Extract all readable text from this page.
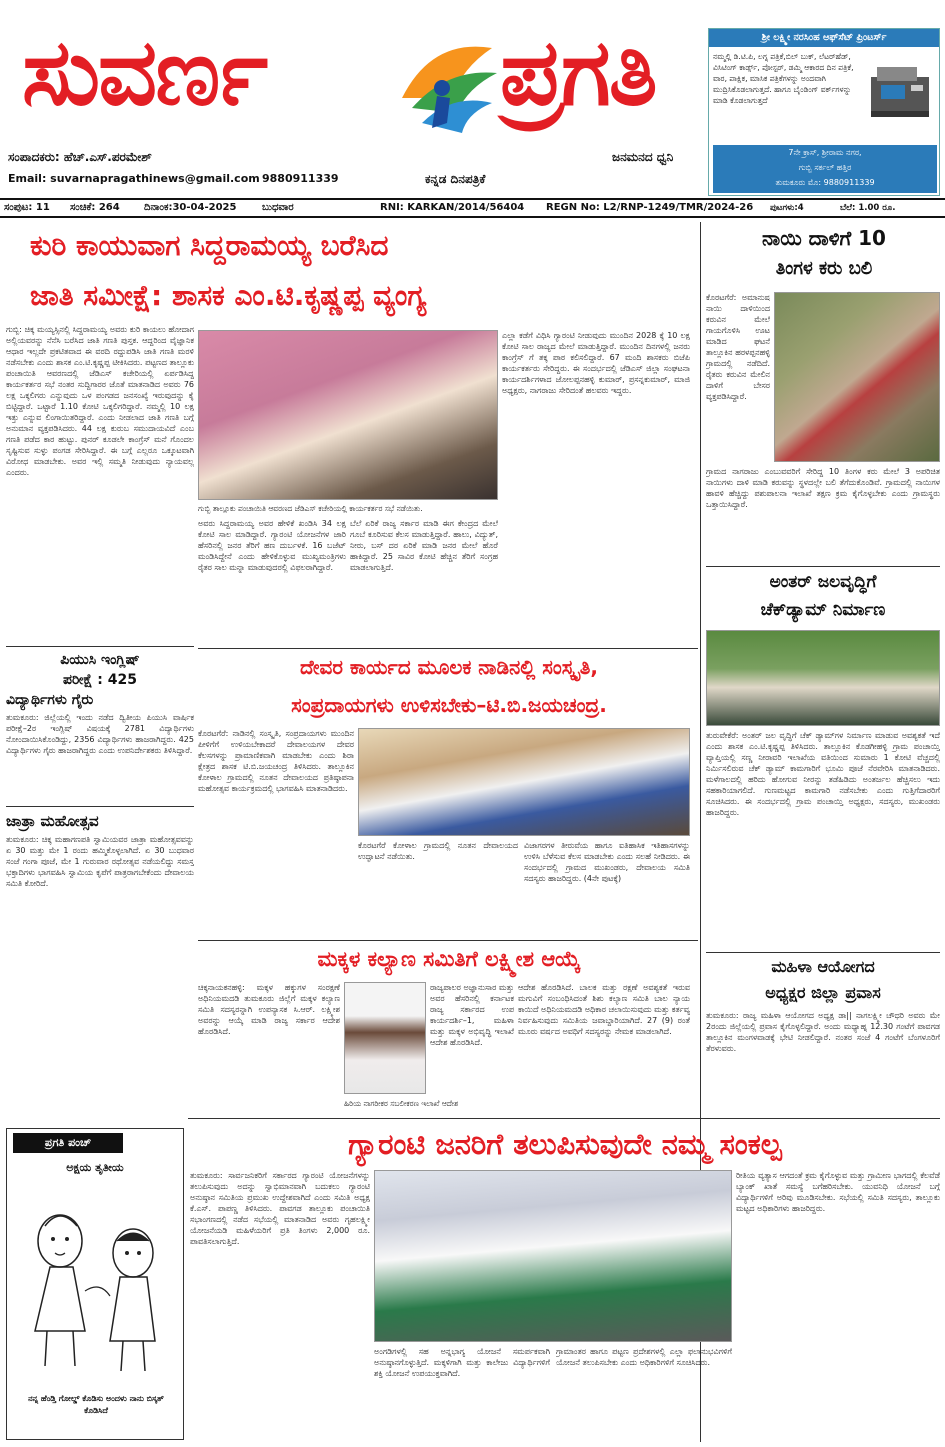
ಸುವರ್ಣ	ಪ್ರಗತಿ
ಸಂಪಾದಕರು: ಹೆಚ್.ಎಸ್.ಪರಮೇಶ್	ಜನಮನದ ಧ್ವನಿ
Email: suvarnapragathinews@gmail.com 9880911339	ಕನ್ನಡ ದಿನಪತ್ರಿಕೆ
ಶ್ರೀ ಲಕ್ಷ್ಮೀ ನರಸಿಂಹ ಆಫ್‌ಸೆಟ್ ಪ್ರಿಂಟರ್ಸ್
ನಮ್ಮಲ್ಲಿ ಡಿ.ಟಿ.ಪಿ, ಲಗ್ನ ಪತ್ರಿಕೆ,ಬಿಲ್ ಬುಕ್, ಲೆಟರ್‌ಹೆಡ್, ವಿಸಿಟಿಂಗ್ ಕಾರ್ಡ್ಸ್, ಪೋಸ್ಟರ್, ಡಮ್ಮಿ ಆಕಾರದ ದಿನ ಪತ್ರಿಕೆ, ವಾರ, ಪಾಕ್ಷಿಕ, ಮಾಸಿಕ ಪತ್ರಿಕೆಗಳನ್ನು ಅಂದವಾಗಿ ಮುದ್ರಿಸಿಕೊಡಲಾಗುತ್ತದೆ. ಹಾಗೂ ಬೈಂಡಿಂಗ್ ವರ್ಕ್‌ಗಳನ್ನು ಮಾಡಿ ಕೊಡಲಾಗುತ್ತದೆ
7ನೇ ಕ್ರಾಸ್, ಶ್ರೀರಾಮ ನಗರ,
ಗುಬ್ಬಿ ಸರ್ಕಲ್ ಹತ್ತಿರ
ತುಮಕೂರು ಮೊ: 9880911339
ಸಂಪುಟ: 11 ಸಂಚಿಕೆ: 264 ದಿನಾಂಕ:30-04-2025	ಬುಧವಾರ	RNI: KARKAN/2014/56404 REGN No: L2/RNP-1249/TMR/2024-26 ಪುಟಗಳು:4	ಬೆಲೆ: 1.00 ರೂ.
ಕುರಿ ಕಾಯುವಾಗ ಸಿದ್ದರಾಮಯ್ಯ ಬರೆಸಿದ
ಜಾತಿ ಸಮೀಕ್ಷೆ: ಶಾಸಕ ಎಂ.ಟಿ.ಕೃಷ್ಣಪ್ಪ ವ್ಯಂಗ್ಯ
ಗುಬ್ಬಿ: ಚಿಕ್ಕ ಮಯ್ಯಸ್ಸಿನಲ್ಲಿ ಸಿದ್ದರಾಮಯ್ಯ ಅವರು ಕುರಿ ಕಾಯಲು ಹೋದಾಗ ಅಲ್ಲಿಯವರನ್ನು ನೆನೆಸಿ ಬರೆಸಿದ ಜಾತಿ ಗಣತಿ ಪುಸ್ತಕ. ಆದ್ದರಿಂದ ವೈಜ್ಞಾನಿಕ ಆಧಾರ ಇಲ್ಲದೇ ಪ್ರಕಟಿತವಾದ ಈ ವರದಿ ರದ್ದುಪಡಿಸಿ ಜಾತಿ ಗಣತಿ ಮರಳಿ ನಡೆಸಬೇಕು ಎಂದು ಶಾಸಕ ಎಂ.ಟಿ.ಕೃಷ್ಣಪ್ಪ ಟೀಕಿಸಿದರು. ಪಟ್ಟಣದ ತಾಲ್ಲೂಕು ಪಂಚಾಯಿತಿ ಆವರಣದಲ್ಲಿ ಜೆಡಿಎಸ್ ಕಚೇರಿಯಲ್ಲಿ ಏರ್ಪಡಿಸಿದ್ದ ಕಾರ್ಯಕರ್ತರ ಸಭೆ ನಂತರ ಸುದ್ದಿಗಾರರ ಜೊತೆ ಮಾತನಾಡಿದ ಅವರು 76 ಲಕ್ಷ ಒಕ್ಕಲಿಗರು ಎನ್ನುವುದು ಒಳ ಪಂಗಡದ ಜನಸಂಖ್ಯೆ ಇರುವುದನ್ನು ಕೈ ಬಿಟ್ಟಿದ್ದಾರೆ. ಒಟ್ಟಾರೆ 1.10 ಕೋಟಿ ಒಕ್ಕಲಿಗರಿದ್ದಾರೆ. ನಮ್ಮಲ್ಲಿ 10 ಲಕ್ಷ ಇತ್ತು ಎನ್ನುವ ಲಿಂಗಾಯಿತರಿದ್ದಾರೆ. ಎಂದು ನೀಡಲಾದ ಜಾತಿ ಗಣತಿ ಬಗ್ಗೆ ಅನುಮಾನ ವ್ಯಕ್ತಪಡಿಸಿದರು. 44 ಲಕ್ಷ ಕುರುಬ ಸಮುದಾಯವಿದೆ ಎಂಬ ಗಣತಿ ಪಡೆದ ಕಾರ ಹುಟ್ಟು. ಪುನರ್ ಕೂಡಲೇ ಕಾಂಗ್ರೆಸ್ ಮನೆ ಗೊಂದಲ ಸೃಷ್ಟಿಸುವ ಸುಳ್ಳು ಪಂಗಡ ಸೇರಿಸಿದ್ದಾರೆ. ಈ ಬಗ್ಗೆ ಎಲ್ಲರೂ ಒಕ್ಕೂಟವಾಗಿ ವಿರೋಧ ಮಾಡಬೇಕು. ಅವರ ಇಲ್ಲಿ ಸಮ್ಮತಿ ನೀಡುವುದು ನ್ಯಾಯವಲ್ಲ ಎಂದರು.
ಗುಬ್ಬಿ ತಾಲ್ಲೂಕು ಪಂಚಾಯಿತಿ ಆವರಣದ ಜೆಡಿಎಸ್ ಕಚೇರಿಯಲ್ಲಿ ಕಾರ್ಯಕರ್ತರ ಸಭೆ ನಡೆಯಿತು.
ಅವರು ಸಿದ್ದರಾಮಯ್ಯ ಅವರ ಹೇಳಿಕೆ ಖಂಡಿಸಿ 34 ಲಕ್ಷ ಕೋಟಿ ಸಾಲ ಮಾಡಿದ್ದಾರೆ. ಗ್ಯಾರಂಟಿ ಯೋಜನೆಗಳ ಜಾರಿ ಹೆಸರಿನಲ್ಲಿ ಜನರ ತೆರಿಗೆ ಹಣ ದುರ್ಬಳಕೆ. 16 ಬಜೆಟ್ ಮಂಡಿಸಿದ್ದೇನೆ ಎಂದು ಹೇಳಿಕೊಳ್ಳುವ ಮುಖ್ಯಮಂತ್ರಿಗಳು ರೈತರ ಸಾಲ ಮನ್ನಾ ಮಾಡುವುದರಲ್ಲಿ ವಿಫಲರಾಗಿದ್ದಾರೆ.
ಬೆಲೆ ಏರಿಕೆ ರಾಜ್ಯ ಸರ್ಕಾರ ಮಾಡಿ ಈಗ ಕೇಂದ್ರದ ಮೇಲೆ ಗೂಬೆ ಕೂರಿಸುವ ಕೆಲಸ ಮಾಡುತ್ತಿದ್ದಾರೆ. ಹಾಲು, ವಿದ್ಯುತ್, ನೀರು, ಬಸ್ ದರ ಏರಿಕೆ ಮಾಡಿ ಜನರ ಮೇಲೆ ಹೊರೆ ಹಾಕಿದ್ದಾರೆ. 25 ಸಾವಿರ ಕೋಟಿ ಹೆಚ್ಚಿನ ತೆರಿಗೆ ಸಂಗ್ರಹ ಮಾಡಲಾಗುತ್ತಿದೆ.
ಎಲ್ಲಾ ಕಡೆಗೆ ವಿಧಿಸಿ ಗ್ಯಾರಂಟಿ ನೀಡುವುದು ಮುಂದಿನ 2028 ಕ್ಕೆ 10 ಲಕ್ಷ ಕೋಟಿ ಸಾಲ ರಾಜ್ಯದ ಮೇಲೆ ಮಾಡುತ್ತಿದ್ದಾರೆ. ಮುಂದಿನ ದಿನಗಳಲ್ಲಿ ಜನರು ಕಾಂಗ್ರೆಸ್ ಗೆ ತಕ್ಕ ಪಾಠ ಕಲಿಸಲಿದ್ದಾರೆ. 67 ಮಂದಿ ಶಾಸಕರು ಬಿಜೆಪಿ ಕಾರ್ಯಕರ್ತರು ಸೇರಿದ್ದರು. ಈ ಸಂದರ್ಭದಲ್ಲಿ ಜೆಡಿಎಸ್ ಜಿಲ್ಲಾ ಸಂಘಟನಾ ಕಾರ್ಯದರ್ಶಿಗಳಾದ ಜೋಲಪ್ಪನಹಳ್ಳಿ ಕುಮಾರ್, ಪ್ರಸನ್ನಕುಮಾರ್, ಮಾಜಿ ಅಧ್ಯಕ್ಷರು, ನಾಗರಾಜು ಸೇರಿದಂತೆ ಹಲವರು ಇದ್ದರು.
ನಾಯಿ ದಾಳಿಗೆ 10
ತಿಂಗಳ ಕರು ಬಲಿ
ಕೊರಟಗೆರೆ: ಅಮಾನುಷ ನಾಯಿ ದಾಳಿಯಿಂದ ಕರುವಿನ ಮೇಲೆ ಗಾಯಗೊಳಿಸಿ ಊಟ ಮಾಡಿದ ಘಟನೆ ತಾಲ್ಲೂಕಿನ ಹರಳಪ್ಪನಹಳ್ಳಿ ಗ್ರಾಮದಲ್ಲಿ ನಡೆದಿದೆ. ರೈತರು ಕರುವಿನ ಮೇಲಿನ ದಾಳಿಗೆ ಬೇಸರ ವ್ಯಕ್ತಪಡಿಸಿದ್ದಾರೆ.
ಗ್ರಾಮದ ನಾಗರಾಜು ಎಂಬುವವರಿಗೆ ಸೇರಿದ್ದ 10 ತಿಂಗಳ ಕರು ಮೇಲೆ 3 ಅಪರಿಚಿತ ನಾಯಿಗಳು ದಾಳಿ ಮಾಡಿ ಕರುವನ್ನು ಸ್ಥಳದಲ್ಲೇ ಬಲಿ ತೆಗೆದುಕೊಂಡಿವೆ. ಗ್ರಾಮದಲ್ಲಿ ನಾಯಿಗಳ ಹಾವಳಿ ಹೆಚ್ಚಿದ್ದು ಪಶುಪಾಲನಾ ಇಲಾಖೆ ತಕ್ಷಣ ಕ್ರಮ ಕೈಗೊಳ್ಳಬೇಕು ಎಂದು ಗ್ರಾಮಸ್ಥರು ಒತ್ತಾಯಿಸಿದ್ದಾರೆ.
ಅಂತರ್ ಜಲವೃದ್ಧಿಗೆ
ಚೆಕ್‌ಡ್ಯಾಮ್ ನಿರ್ಮಾಣ
ತುರುವೇಕೆರೆ: ಅಂತರ್ ಜಲ ವೃದ್ಧಿಗೆ ಚೆಕ್ ಡ್ಯಾಮ್‌ಗಳ ನಿರ್ಮಾಣ ಮಾಡುವ ಅವಶ್ಯಕತೆ ಇದೆ ಎಂದು ಶಾಸಕ ಎಂ.ಟಿ.ಕೃಷ್ಣಪ್ಪ ತಿಳಿಸಿದರು. ತಾಲ್ಲೂಕಿನ ಕೊಡಗೀಹಳ್ಳಿ ಗ್ರಾಮ ಪಂಚಾಯ್ತಿ ವ್ಯಾಪ್ತಿಯಲ್ಲಿ ಸಣ್ಣ ನೀರಾವರಿ ಇಲಾಖೆಯ ವತಿಯಿಂದ ಸುಮಾರು 1 ಕೋಟಿ ವೆಚ್ಚದಲ್ಲಿ ನಿರ್ಮಿಸಲಿರುವ ಚೆಕ್ ಡ್ಯಾಮ್ ಕಾಮಗಾರಿಗೆ ಭೂಮಿ ಪೂಜೆ ನೆರವೇರಿಸಿ ಮಾತನಾಡಿದರು. ಮಳೆಗಾಲದಲ್ಲಿ ಹರಿದು ಹೋಗುವ ನೀರನ್ನು ತಡೆಹಿಡಿದು ಅಂತರ್ಜಲ ಹೆಚ್ಚಿಸಲು ಇದು ಸಹಕಾರಿಯಾಗಲಿದೆ. ಗುಣಮಟ್ಟದ ಕಾಮಗಾರಿ ನಡೆಸಬೇಕು ಎಂದು ಗುತ್ತಿಗೆದಾರರಿಗೆ ಸೂಚಿಸಿದರು. ಈ ಸಂದರ್ಭದಲ್ಲಿ ಗ್ರಾಮ ಪಂಚಾಯ್ತಿ ಅಧ್ಯಕ್ಷರು, ಸದಸ್ಯರು, ಮುಖಂಡರು ಹಾಜರಿದ್ದರು.
ಮಹಿಳಾ ಆಯೋಗದ
ಅಧ್ಯಕ್ಷರ ಜಿಲ್ಲಾ ಪ್ರವಾಸ
ತುಮಕೂರು: ರಾಜ್ಯ ಮಹಿಳಾ ಆಯೋಗದ ಅಧ್ಯಕ್ಷ ಡಾ|| ನಾಗಲಕ್ಷ್ಮೀ ಚೌಧರಿ ಅವರು ಮೇ 2ರಂದು ಜಿಲ್ಲೆಯಲ್ಲಿ ಪ್ರವಾಸ ಕೈಗೊಳ್ಳಲಿದ್ದಾರೆ. ಅಂದು ಮಧ್ಯಾಹ್ನ 12.30 ಗಂಟೆಗೆ ಪಾವಗಡ ತಾಲ್ಲೂಕಿನ ಮಂಗಳವಾಡಕ್ಕೆ ಭೇಟಿ ನೀಡಲಿದ್ದಾರೆ. ನಂತರ ಸಂಜೆ 4 ಗಂಟೆಗೆ ಬೆಂಗಳೂರಿಗೆ ತೆರಳುವರು.
ಪಿಯುಸಿ ಇಂಗ್ಲಿಷ್
ಪರೀಕ್ಷೆ : 425
ವಿದ್ಯಾರ್ಥಿಗಳು ಗೈರು
ತುಮಕೂರು: ಜಿಲ್ಲೆಯಲ್ಲಿ ಇಂದು ನಡೆದ ದ್ವಿತೀಯ ಪಿಯುಸಿ ವಾರ್ಷಿಕ ಪರೀಕ್ಷೆ–2ರ ಇಂಗ್ಲಿಷ್ ವಿಷಯಕ್ಕೆ 2781 ವಿದ್ಯಾರ್ಥಿಗಳು ನೋಂದಾಯಿಸಿಕೊಂಡಿದ್ದು, 2356 ವಿದ್ಯಾರ್ಥಿಗಳು ಹಾಜರಾಗಿದ್ದರು. 425 ವಿದ್ಯಾರ್ಥಿಗಳು ಗೈರು ಹಾಜರಾಗಿದ್ದರು ಎಂದು ಉಪನಿರ್ದೇಶಕರು ತಿಳಿಸಿದ್ದಾರೆ.
ಜಾತ್ರಾ ಮಹೋತ್ಸವ
ತುಮಕೂರು: ಚಿಕ್ಕ ಮಹಾಗಣಪತಿ ಸ್ವಾಮಿಯವರ ಜಾತ್ರಾ ಮಹೋತ್ಸವವನ್ನು ಏ 30 ಮತ್ತು ಮೇ 1 ರಂದು ಹಮ್ಮಿಕೊಳ್ಳಲಾಗಿದೆ. ಏ 30 ಬುಧವಾರ ಸಂಜೆ ಗಂಗಾ ಪೂಜೆ, ಮೇ 1 ಗುರುವಾರ ರಥೋತ್ಸವ ನಡೆಯಲಿದ್ದು ಸಮಸ್ತ ಭಕ್ತಾದಿಗಳು ಭಾಗವಹಿಸಿ ಸ್ವಾಮಿಯ ಕೃಪೆಗೆ ಪಾತ್ರರಾಗಬೇಕೆಂದು ದೇವಾಲಯ ಸಮಿತಿ ಕೋರಿದೆ.
ದೇವರ ಕಾರ್ಯದ ಮೂಲಕ ನಾಡಿನಲ್ಲಿ ಸಂಸ್ಕೃತಿ,
ಸಂಪ್ರದಾಯಗಳು ಉಳಿಸಬೇಕು–ಟಿ.ಬಿ.ಜಯಚಂದ್ರ.
ಕೊರಟಗೆರೆ: ನಾಡಿನಲ್ಲಿ ಸಂಸ್ಕೃತಿ, ಸಂಪ್ರದಾಯಗಳು ಮುಂದಿನ ಪೀಳಿಗೆಗೆ ಉಳಿಯಬೇಕಾದರೆ ದೇವಾಲಯಗಳ ದೇವರ ಕೆಲಸಗಳನ್ನು ಪ್ರಾಮಾಣಿಕವಾಗಿ ಮಾಡಬೇಕು ಎಂದು ಶಿರಾ ಕ್ಷೇತ್ರದ ಶಾಸಕ ಟಿ.ಬಿ.ಜಯಚಂದ್ರ ತಿಳಿಸಿದರು. ತಾಲ್ಲೂಕಿನ ಕೋಳಾಲ ಗ್ರಾಮದಲ್ಲಿ ನೂತನ ದೇವಾಲಯದ ಪ್ರತಿಷ್ಠಾಪನಾ ಮಹೋತ್ಸವ ಕಾರ್ಯಕ್ರಮದಲ್ಲಿ ಭಾಗವಹಿಸಿ ಮಾತನಾಡಿದರು.
ಕೊರಟಗೆರೆ ಕೋಳಾಲ ಗ್ರಾಮದಲ್ಲಿ ನೂತನ ದೇವಾಲಯದ ಉದ್ಘಾಟನೆ ನಡೆಯಿತು.
ವಿಜಾಗರಗಳ ತೀರುವೆಯ ಹಾಗೂ ಐತಿಹಾಸಿಕ ಇತಿಹಾಸಗಳನ್ನು ಉಳಿಸಿ ಬೆಳೆಸುವ ಕೆಲಸ ಮಾಡಬೇಕು ಎಂದು ಸಲಹೆ ನೀಡಿದರು. ಈ ಸಂದರ್ಭದಲ್ಲಿ ಗ್ರಾಮದ ಮುಖಂಡರು, ದೇವಾಲಯ ಸಮಿತಿ ಸದಸ್ಯರು ಹಾಜರಿದ್ದರು. (4ನೇ ಪುಟಕ್ಕೆ)
ಮಕ್ಕಳ ಕಲ್ಯಾಣ ಸಮಿತಿಗೆ ಲಕ್ಷ್ಮೀಶ ಆಯ್ಕೆ
ಚಿಕ್ಕನಾಯಕನಹಳ್ಳಿ: ಮಕ್ಕಳ ಹಕ್ಕುಗಳ ಸಂರಕ್ಷಣೆ ಅಧಿನಿಯಮದಡಿ ತುಮಕೂರು ಜಿಲ್ಲೆಗೆ ಮಕ್ಕಳ ಕಲ್ಯಾಣ ಸಮಿತಿ ಸದಸ್ಯರನ್ನಾಗಿ ಉಪನ್ಯಾಸಕ ಸಿ.ಆರ್. ಲಕ್ಷ್ಮೀಶ ಅವರನ್ನು ಆಯ್ಕೆ ಮಾಡಿ ರಾಜ್ಯ ಸರ್ಕಾರ ಆದೇಶ ಹೊರಡಿಸಿದೆ.
ರಾಜ್ಯಪಾಲರ ಅಜ್ಞಾನುಸಾರ ಮತ್ತು ಅವರ ಹೆಸರಿನಲ್ಲಿ ಕರ್ನಾಟಕ ರಾಜ್ಯ ಸರ್ಕಾರದ ಉಪ ಕಾರ್ಯದರ್ಶಿ–1, ಮಹಿಳಾ ಮತ್ತು ಮಕ್ಕಳ ಅಭಿವೃದ್ಧಿ ಇಲಾಖೆ ಆದೇಶ ಹೊರಡಿಸಿದೆ.
ಹಿರಿಯ ನಾಗರೀಕರ ಸಬಲೀಕರಣ ಇಲಾಖೆ ಆದೇಶ
ಆದೇಶ ಹೊರಡಿಸಿದೆ. ಬಾಲಕ ಮತ್ತು ರಕ್ಷಣೆ ಅವಶ್ಯಕತೆ ಇರುವ ಮಗುವಿಗೆ ಸಂಬಂಧಿಸಿದಂತೆ ಶಿಶು ಕಲ್ಯಾಣ ಸಮಿತಿ ಬಾಲ ನ್ಯಾಯ ಕಾಯಿದೆ ಅಧಿನಿಯಮದಡಿ ಅಧಿಕಾರ ಚಲಾಯಿಸುವುದು ಮತ್ತು ಕರ್ತವ್ಯ ನಿರ್ವಹಿಸುವುದು ಸಮಿತಿಯ ಜವಾಬ್ದಾರಿಯಾಗಿದೆ. 27 (9) ರಂತೆ ಮೂರು ವರ್ಷದ ಅವಧಿಗೆ ಸದಸ್ಯರನ್ನು ನೇಮಕ ಮಾಡಲಾಗಿದೆ.
ಪ್ರಗತಿ ಪಂಚ್
ಅಕ್ಷಯ ತೃತೀಯ
ನನ್ನ ಹೆಂಡ್ತಿ ಗೋಲ್ಡ್ ಕೊಡಿಸು ಅಂದಳು ನಾನು ಬಿಸ್ಕತ್ ಕೊಡಿಸಿದೆ
ಗ್ಯಾರಂಟಿ ಜನರಿಗೆ ತಲುಪಿಸುವುದೇ ನಮ್ಮ ಸಂಕಲ್ಪ
ತುಮಕೂರು: ಸಾರ್ವಜನಿಕರಿಗೆ ಸರ್ಕಾರದ ಗ್ಯಾರಂಟಿ ಯೋಜನೆಗಳನ್ನು ತಲುಪಿಸುವುದು ಅದನ್ನು ಸ್ವಾಭಿಮಾನವಾಗಿ ಬದುಕಲು ಗ್ಯಾರಂಟಿ ಅನುಷ್ಠಾನ ಸಮಿತಿಯ ಪ್ರಮುಖ ಉದ್ದೇಶವಾಗಿದೆ ಎಂದು ಸಮಿತಿ ಅಧ್ಯಕ್ಷ ಕೆ.ಎಸ್. ಪಾಪಣ್ಣ ತಿಳಿಸಿದರು. ಪಾವಗಡ ತಾಲ್ಲೂಕು ಪಂಚಾಯಿತಿ ಸಭಾಂಗಣದಲ್ಲಿ ನಡೆದ ಸಭೆಯಲ್ಲಿ ಮಾತನಾಡಿದ ಅವರು ಗೃಹಲಕ್ಷ್ಮೀ ಯೋಜನೆಯಡಿ ಮಹಿಳೆಯರಿಗೆ ಪ್ರತಿ ತಿಂಗಳು 2,000 ರೂ. ಪಾವತಿಸಲಾಗುತ್ತಿದೆ.
ಅಂಗಡಿಗಳಲ್ಲಿ ಸಹ ಅನ್ನಭಾಗ್ಯ ಯೋಜನೆ ಸಮರ್ಪಕವಾಗಿ ಅನುಷ್ಠಾನಗೊಳ್ಳುತ್ತಿದೆ. ಮಕ್ಕಳಿಗಾಗಿ ಮತ್ತು ಕಾಲೇಜು ವಿದ್ಯಾರ್ಥಿಗಳಿಗೆ ಶಕ್ತಿ ಯೋಜನೆ ಉಪಯುಕ್ತವಾಗಿದೆ.
ಗ್ರಾಮಾಂತರ ಹಾಗೂ ಪಟ್ಟಣ ಪ್ರದೇಶಗಳಲ್ಲಿ ಎಲ್ಲಾ ಫಲಾನುಭವಿಗಳಿಗೆ ಯೋಜನೆ ತಲುಪಿಸಬೇಕು ಎಂದು ಅಧಿಕಾರಿಗಳಿಗೆ ಸೂಚಿಸಿದರು.
ರೀತಿಯ ವ್ಯತ್ಯಾಸ ಆಗದಂತೆ ಕ್ರಮ ಕೈಗೊಳ್ಳುವ ಮತ್ತು ಗ್ರಾಮೀಣ ಭಾಗದಲ್ಲಿ ಕೆಲವೆಡೆ ಬ್ಯಾಂಕ್ ಖಾತೆ ಸಮಸ್ಯೆ ಬಗೆಹರಿಸಬೇಕು. ಯುವನಿಧಿ ಯೋಜನೆ ಬಗ್ಗೆ ವಿದ್ಯಾರ್ಥಿಗಳಿಗೆ ಅರಿವು ಮೂಡಿಸಬೇಕು. ಸಭೆಯಲ್ಲಿ ಸಮಿತಿ ಸದಸ್ಯರು, ತಾಲ್ಲೂಕು ಮಟ್ಟದ ಅಧಿಕಾರಿಗಳು ಹಾಜರಿದ್ದರು.
